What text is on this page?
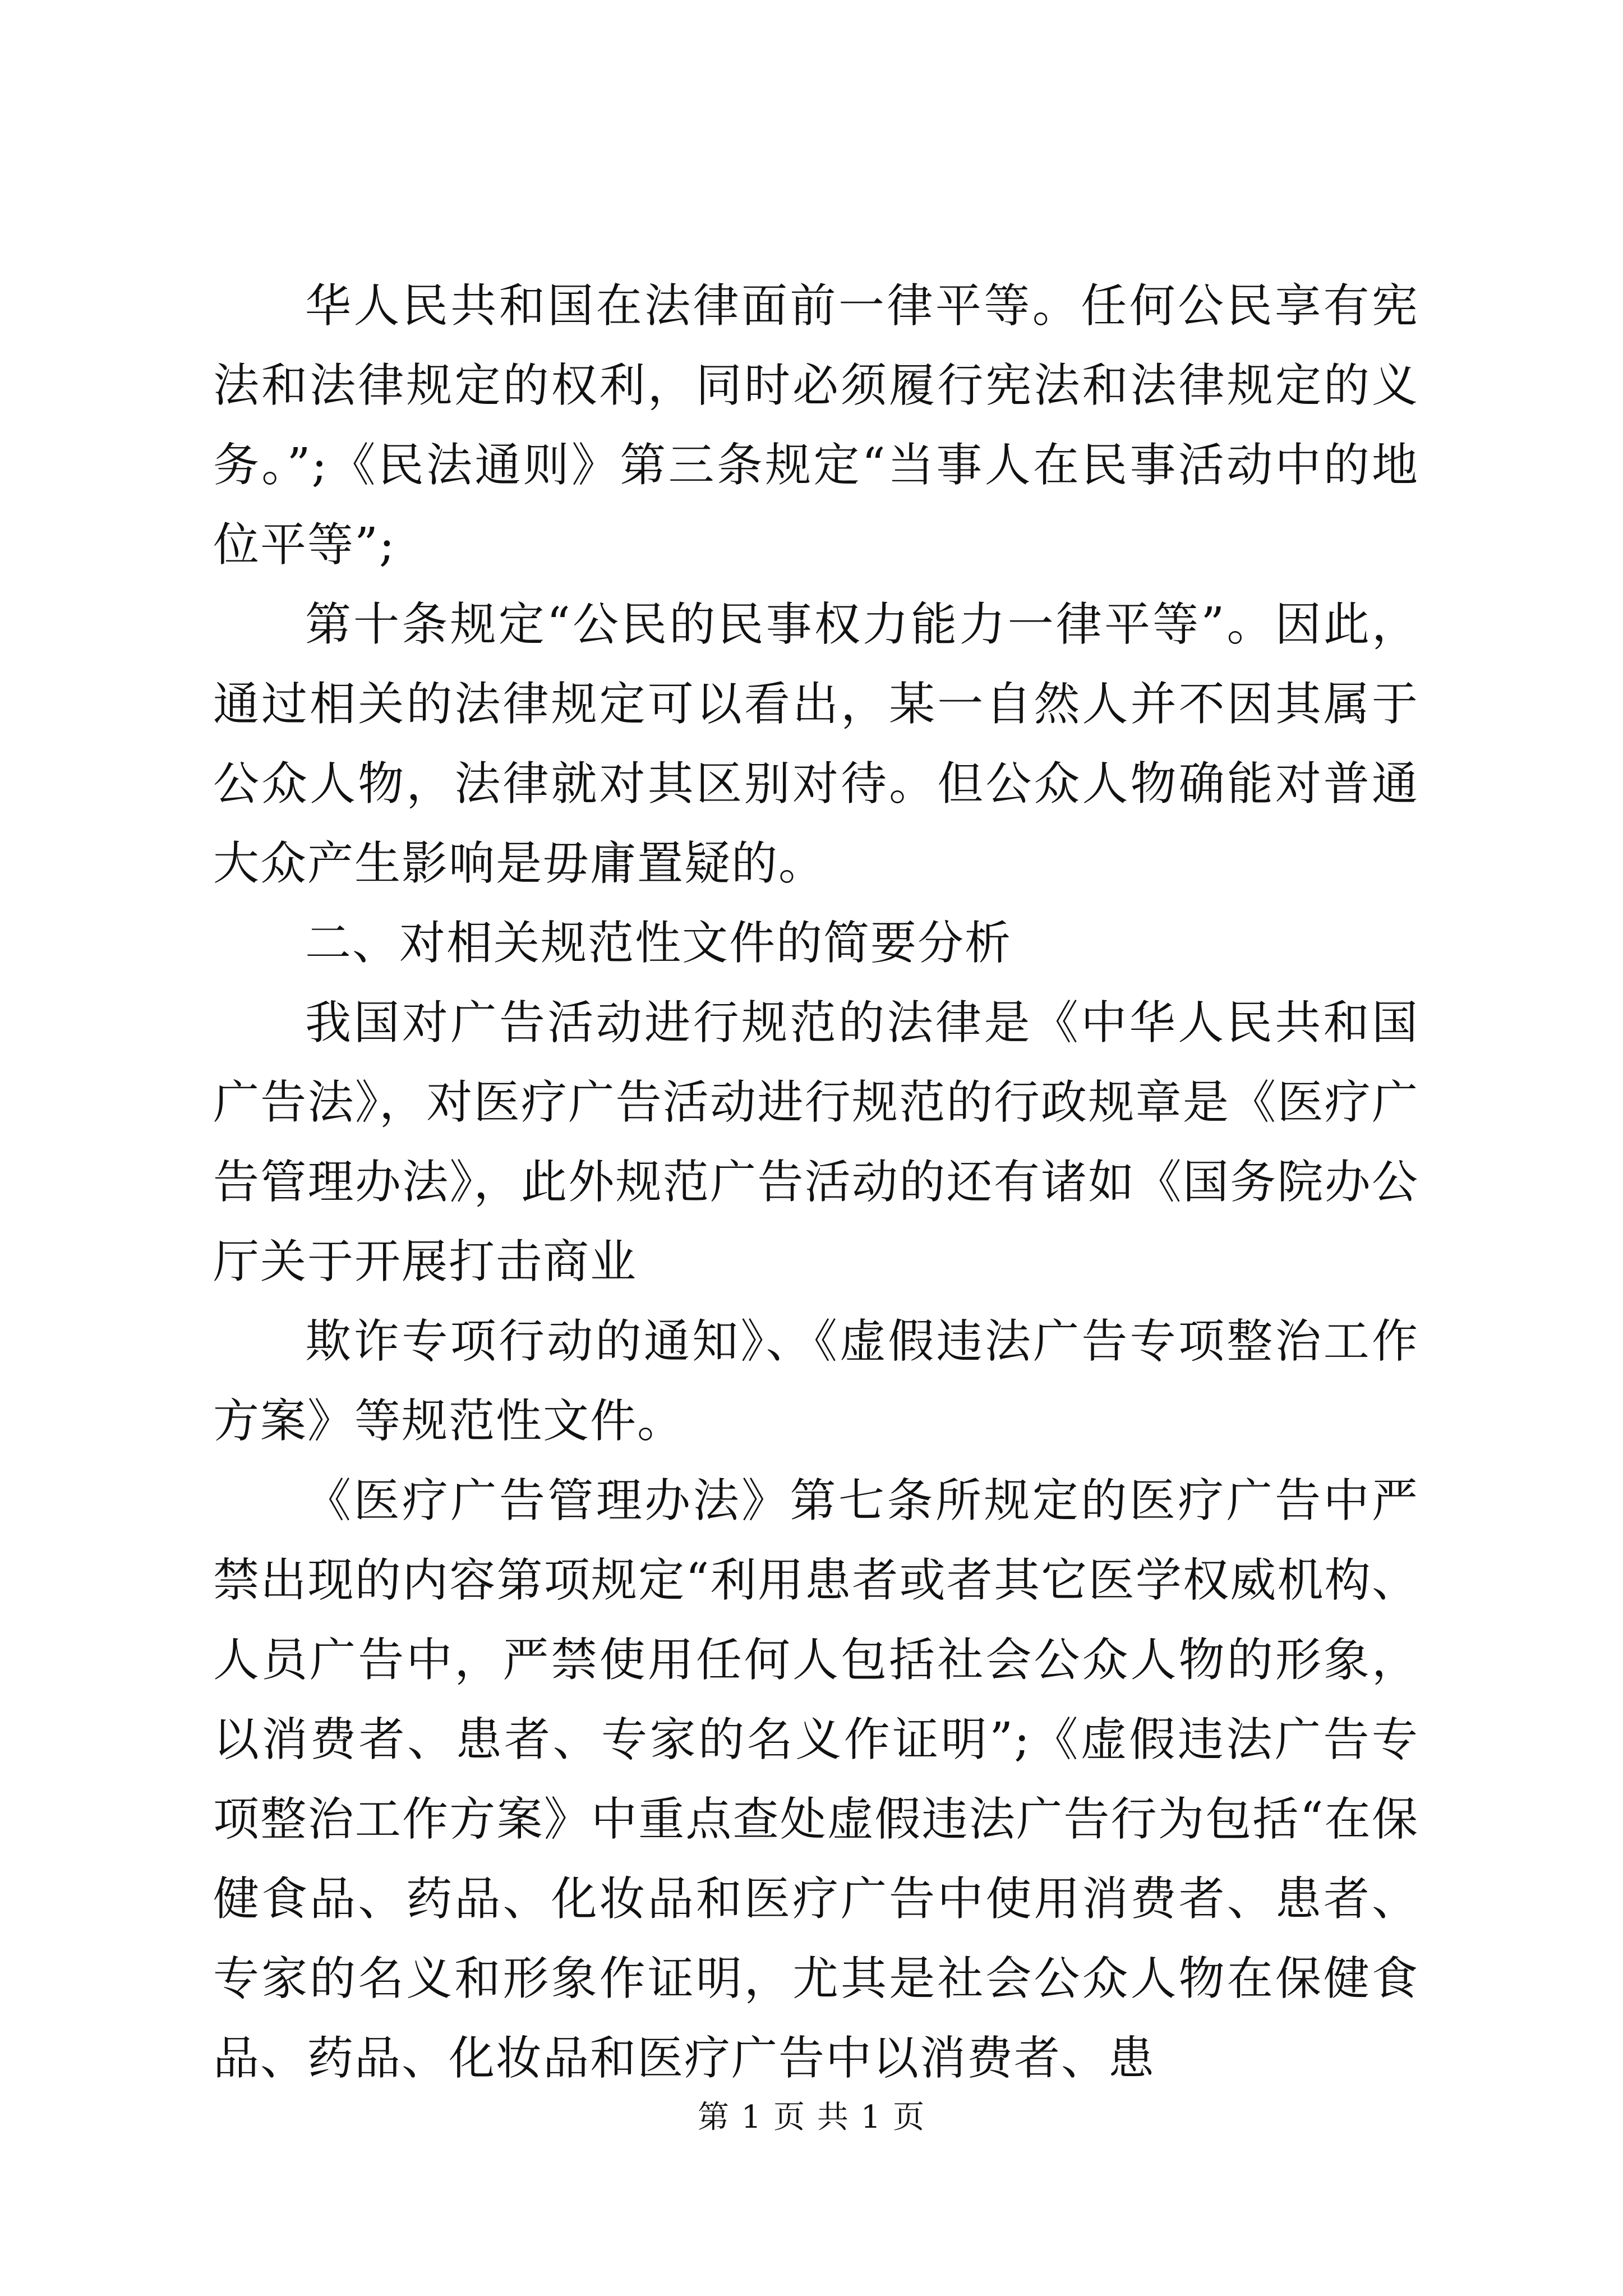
华人民共和国在法律面前一律平等。任何公民享有宪法和法律规定的权利，同时必须履行宪法和法律规定的义务。”;《民法通则》第三条规定“当事人在民事活动中的地位平等”;

第十条规定“公民的民事权力能力一律平等”。因此，通过相关的法律规定可以看出，某一自然人并不因其属于公众人物，法律就对其区别对待。但公众人物确能对普通大众产生影响是毋庸置疑的。

二、对相关规范性文件的简要分析

我国对广告活动进行规范的法律是《中华人民共和国广告法》，对医疗广告活动进行规范的行政规章是《医疗广告管理办法》，此外规范广告活动的还有诸如《国务院办公厅关于开展打击商业

欺诈专项行动的通知》、《虚假违法广告专项整治工作方案》等规范性文件。

《医疗广告管理办法》第七条所规定的医疗广告中严禁出现的内容第项规定“利用患者或者其它医学权威机构、人员广告中，严禁使用任何人包括社会公众人物的形象，以消费者、患者、专家的名义作证明”;《虚假违法广告专项整治工作方案》中重点查处虚假违法广告行为包括“在保健食品、药品、化妆品和医疗广告中使用消费者、患者、专家的名义和形象作证明，尤其是社会公众人物在保健食品、药品、化妆品和医疗广告中以消费者、患

第 1 页 共 1 页
